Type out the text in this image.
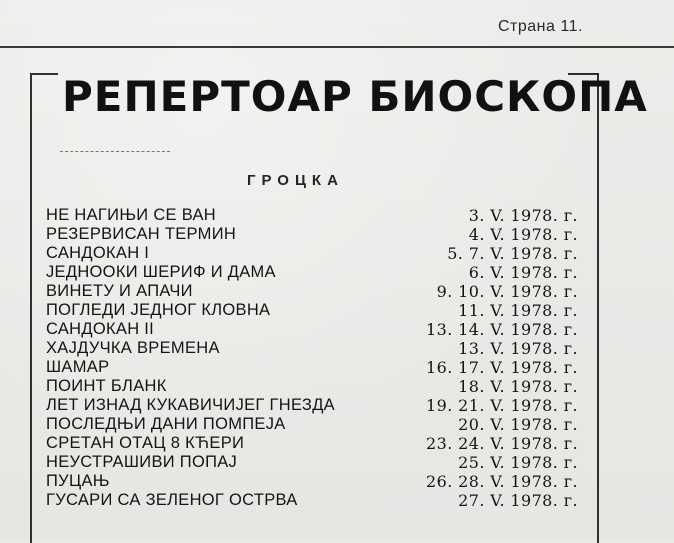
Страна 11.
РЕПЕРТОАР БИОСКОПА
ГРОЦКА
НЕ НАГИЊИ СЕ ВАН	3. V. 1978. г.
РЕЗЕРВИСАН ТЕРМИН	4. V. 1978. г.
САНДОКАН I	5. 7. V. 1978. г.
ЈЕДНООКИ ШЕРИФ И ДАМА	6. V. 1978. г.
ВИНЕТУ И АПАЧИ	9. 10. V. 1978. г.
ПОГЛЕДИ ЈЕДНОГ КЛОВНА	11. V. 1978. г.
САНДОКАН II	13. 14. V. 1978. г.
ХАЈДУЧКА ВРЕМЕНА	13. V. 1978. г.
ШАМАР	16. 17. V. 1978. г.
ПОИНТ БЛАНК	18. V. 1978. г.
ЛЕТ ИЗНАД КУКАВИЧИЈЕГ ГНЕЗДА	19. 21. V. 1978. г.
ПОСЛЕДЊИ ДАНИ ПОМПЕЈА	20. V. 1978. г.
СРЕТАН ОТАЦ 8 КЋЕРИ	23. 24. V. 1978. г.
НЕУСТРАШИВИ ПОПАЈ	25. V. 1978. г.
ПУЦАЊ	26. 28. V. 1978. г.
ГУСАРИ СА ЗЕЛЕНОГ ОСТРВА	27. V. 1978. г.
